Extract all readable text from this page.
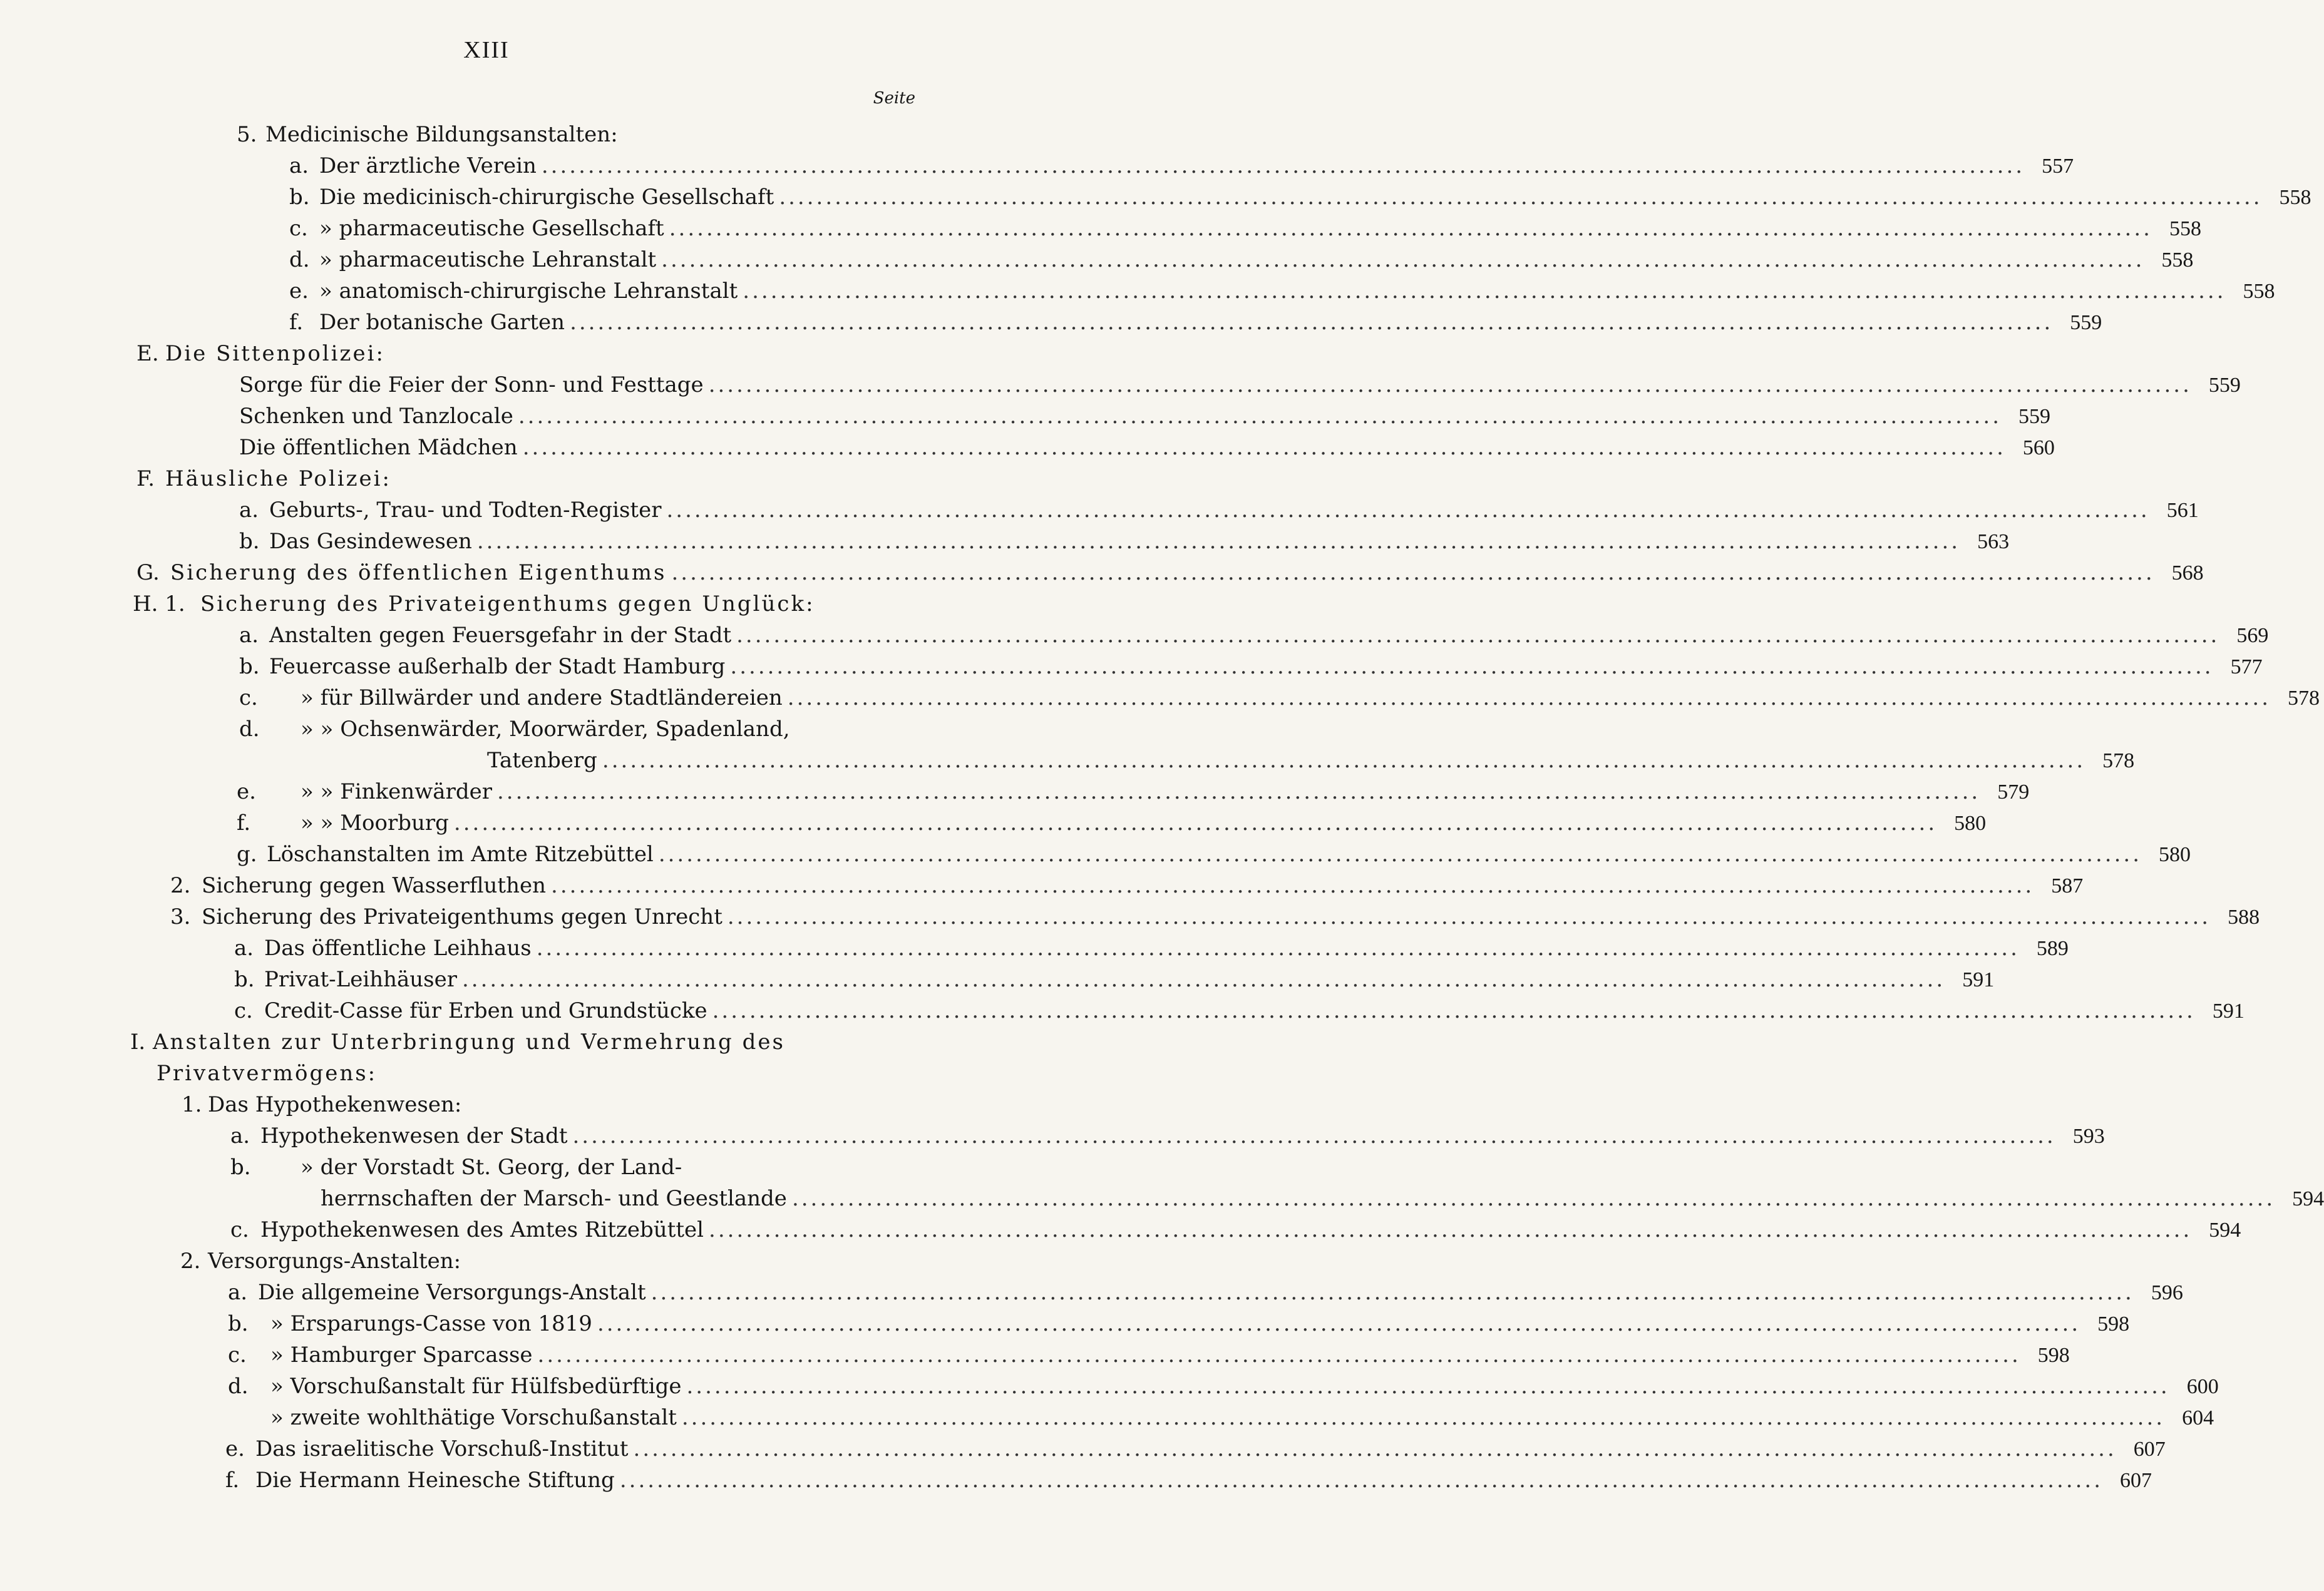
XIII
Seite
5. Medicinische Bildungsanstalten:
a. Der ärztliche Verein .....	557
b. Die medicinisch-chirurgische Gesellschaft .....	558
c. » pharmaceutische Gesellschaft .....	558
d. » pharmaceutische Lehranstalt .....	558
e. » anatomisch-chirurgische Lehranstalt .....	558
f. Der botanische Garten .....	559
E. Die Sittenpolizei:
Sorge für die Feier der Sonn- und Festtage .....	559
Schenken und Tanzlocale .....	559
Die öffentlichen Mädchen .....	560
F. Häusliche Polizei:
a. Geburts-, Trau- und Todten-Register .....	561
b. Das Gesindewesen .....	563
G. Sicherung des öffentlichen Eigenthums .....	568
H. 1. Sicherung des Privateigenthums gegen Unglück:
a. Anstalten gegen Feuersgefahr in der Stadt .....	569
b. Feuercasse außerhalb der Stadt Hamburg .....	577
c.	» für Billwärder und andere Stadtländereien .....	578
d.	» » Ochsenwärder, Moorwärder, Spadenland,
Tatenberg .....	578
e.	» » Finkenwärder .....	579
f.	» » Moorburg .....	580
g. Löschanstalten im Amte Ritzebüttel .....	580
2. Sicherung gegen Wasserfluthen .....	587
3. Sicherung des Privateigenthums gegen Unrecht .....	588
a. Das öffentliche Leihhaus .....	589
b. Privat-Leihhäuser .....	591
c. Credit-Casse für Erben und Grundstücke .....	591
I. Anstalten zur Unterbringung und Vermehrung des
Privatvermögens:
1. Das Hypothekenwesen:
a. Hypothekenwesen der Stadt .....	593
b.	» der Vorstadt St. Georg, der Land-
herrnschaften der Marsch- und Geestlande .....	594
c. Hypothekenwesen des Amtes Ritzebüttel .....	594
2. Versorgungs-Anstalten:
a. Die allgemeine Versorgungs-Anstalt .....	596
b.	» Ersparungs-Casse von 1819 .....	598
c.	» Hamburger Sparcasse .....	598
d.	» Vorschußanstalt für Hülfsbedürftige .....	600
» zweite wohlthätige Vorschußanstalt .....	604
e. Das israelitische Vorschuß-Institut .....	607
f. Die Hermann Heinesche Stiftung .....	607
